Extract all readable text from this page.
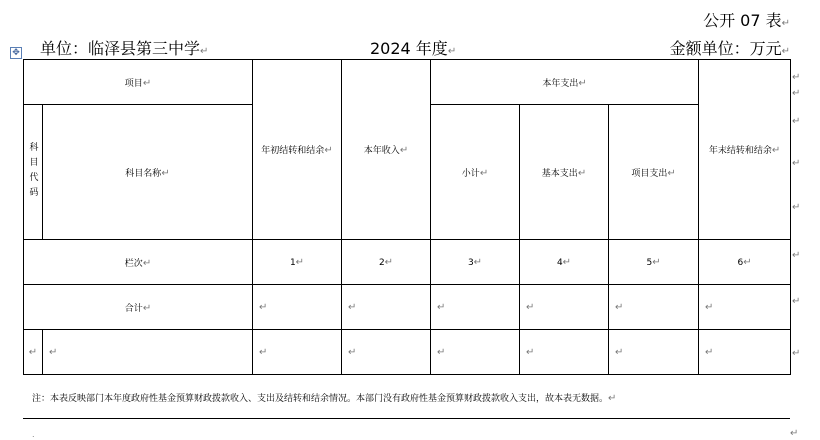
公开 07 表↵
✥ 单位：临泽县第三中学↵	2024 年度↵	金额单位：万元↵
项目↵		年初结转和结余↵	本年收入↵	本年支出↵			年末结转和结余↵

科目代码	科目名称↵			小计↵	基本支出↵	项目支出↵	
栏次↵		1↵	2↵	3↵	4↵	5↵	6↵
合计↵		↵	↵	↵	↵	↵	↵
↵	↵	↵	↵	↵	↵	↵	↵
↵
↵
↵
↵
↵
↵
↵
↵
注：本表反映部门本年度政府性基金预算财政拨款收入、支出及结转和结余情况。本部门没有政府性基金预算财政拨款收入支出，故本表无数据。↵
.	↵
